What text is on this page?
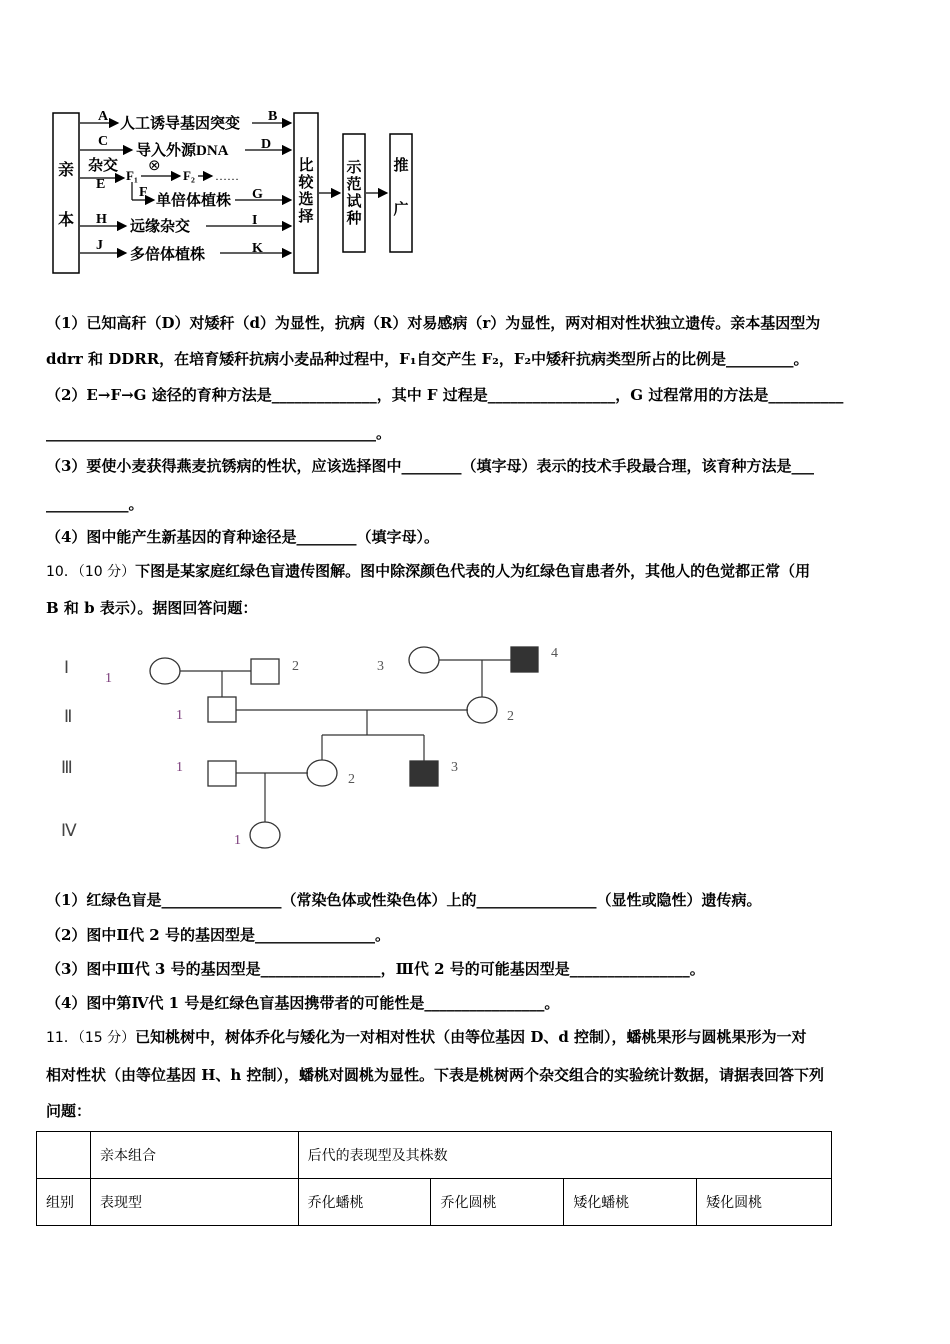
亲
本
比
较
选
择
示
范
试
种
推
广
A 人工诱导基因突变 B
C
导入外源DNA D
杂交 ⊗
F₁	F₂ ……
E
F
单倍体植株 G
H 远缘杂交	I
J
多倍体植株	K
（1）已知高秆（D）对矮秆（d）为显性，抗病（R）对易感病（r）为显性，两对相对性状独立遗传。亲本基因型为
ddrr 和 DDRR，在培育矮秆抗病小麦品种过程中，F₁自交产生 F₂，F₂中矮秆抗病类型所占的比例是_________。
（2）E→F→G 途径的育种方法是______________，其中 F 过程是_________________，G 过程常用的方法是__________
____________________________________________。
（3）要使小麦获得燕麦抗锈病的性状，应该选择图中________（填字母）表示的技术手段最合理，该育种方法是___
___________。
（4）图中能产生新基因的育种途径是________（填字母）。
10．（10 分）下图是某家庭红绿色盲遗传图解。图中除深颜色代表的人为红绿色盲患者外，其他人的色觉都正常（用
B 和 b 表示）。据图回答问题：
Ⅰ
Ⅱ
Ⅲ
Ⅳ
1
2	3
4
1	2
1
2
3
1
（1）红绿色盲是________________（常染色体或性染色体）上的________________（显性或隐性）遗传病。
（2）图中Ⅱ代 2 号的基因型是________________。
（3）图中Ⅲ代 3 号的基因型是________________，Ⅲ代 2 号的可能基因型是________________。
（4）图中第Ⅳ代 1 号是红绿色盲基因携带者的可能性是________________。
11．（15 分）已知桃树中，树体乔化与矮化为一对相对性状（由等位基因 D、d 控制），蟠桃果形与圆桃果形为一对
相对性状（由等位基因 H、h 控制），蟠桃对圆桃为显性。下表是桃树两个杂交组合的实验统计数据，请据表回答下列
问题：
	亲本组合	后代的表现型及其株数			
组别	表现型	乔化蟠桃	乔化圆桃	矮化蟠桃	矮化圆桃
